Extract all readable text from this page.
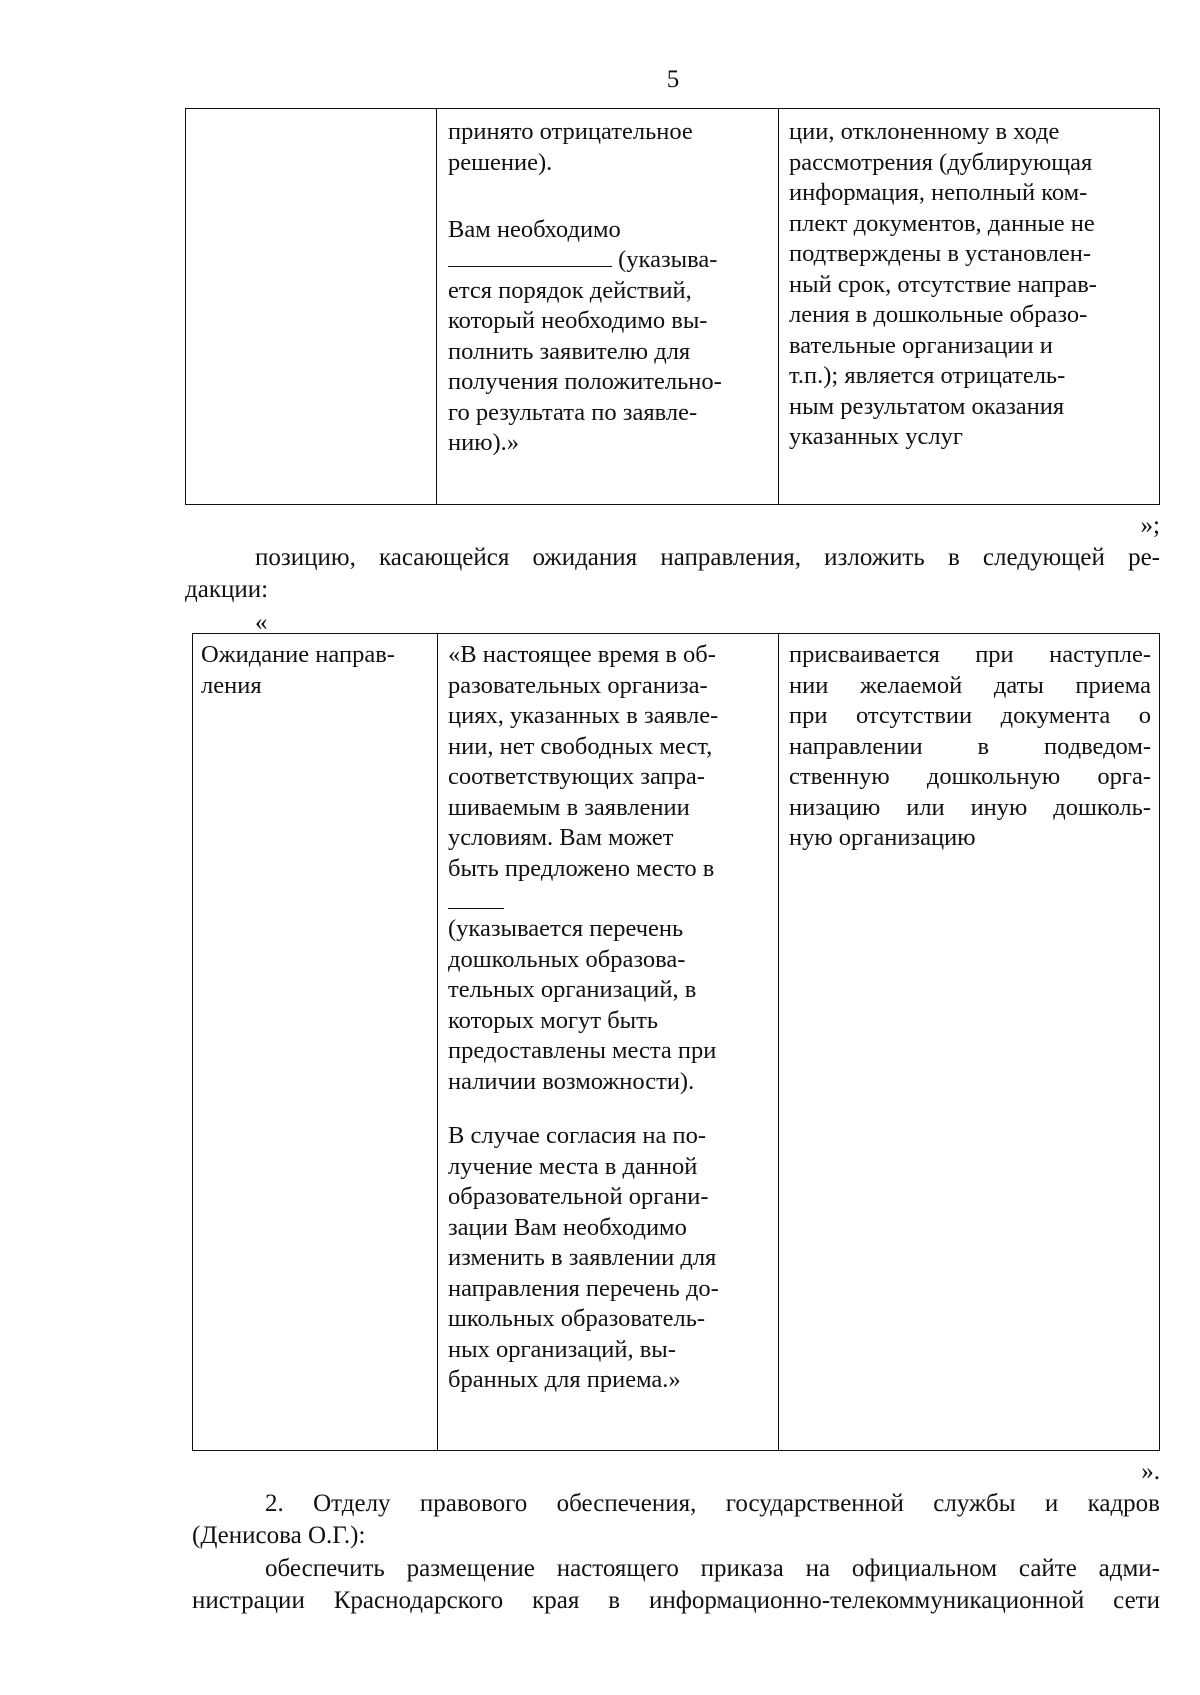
5
принято отрицательное
решение).

Вам необходимо
(указыва-
ется порядок действий,
который необходимо вы-
полнить заявителю для
получения положительно-
го результата по заявле-
нию).»
ции, отклоненному в ходе
рассмотрения (дублирующая
информация, неполный ком-
плект документов, данные не
подтверждены в установлен-
ный срок, отсутствие направ-
ления в дошкольные образо-
вательные организации и
т.п.); является отрицатель-
ным результатом оказания
указанных услуг
»;
позицию, касающейся ожидания направления, изложить в следующей ре-
дакции:
«
Ожидание направ-
ления
«В настоящее время в об-
разовательных организа-
циях, указанных в заявле-
нии, нет свободных мест,
соответствующих запра-
шиваемым в заявлении
условиям. Вам может
быть предложено место в
(указывается перечень
дошкольных образова-
тельных организаций, в
которых могут быть
предоставлены места при
наличии возможности).
В случае согласия на по-
лучение места в данной
образовательной органи-
зации Вам необходимо
изменить в заявлении для
направления перечень до-
школьных образователь-
ных организаций, вы-
бранных для приема.»
присваивается при наступле-
нии желаемой даты приема
при отсутствии документа о
направлении в подведом-
ственную дошкольную орга-
низацию или иную дошколь-
ную организацию
».
2. Отделу правового обеспечения, государственной службы и кадров
(Денисова О.Г.):
обеспечить размещение настоящего приказа на официальном сайте адми-
нистрации Краснодарского края в информационно-телекоммуникационной сети
